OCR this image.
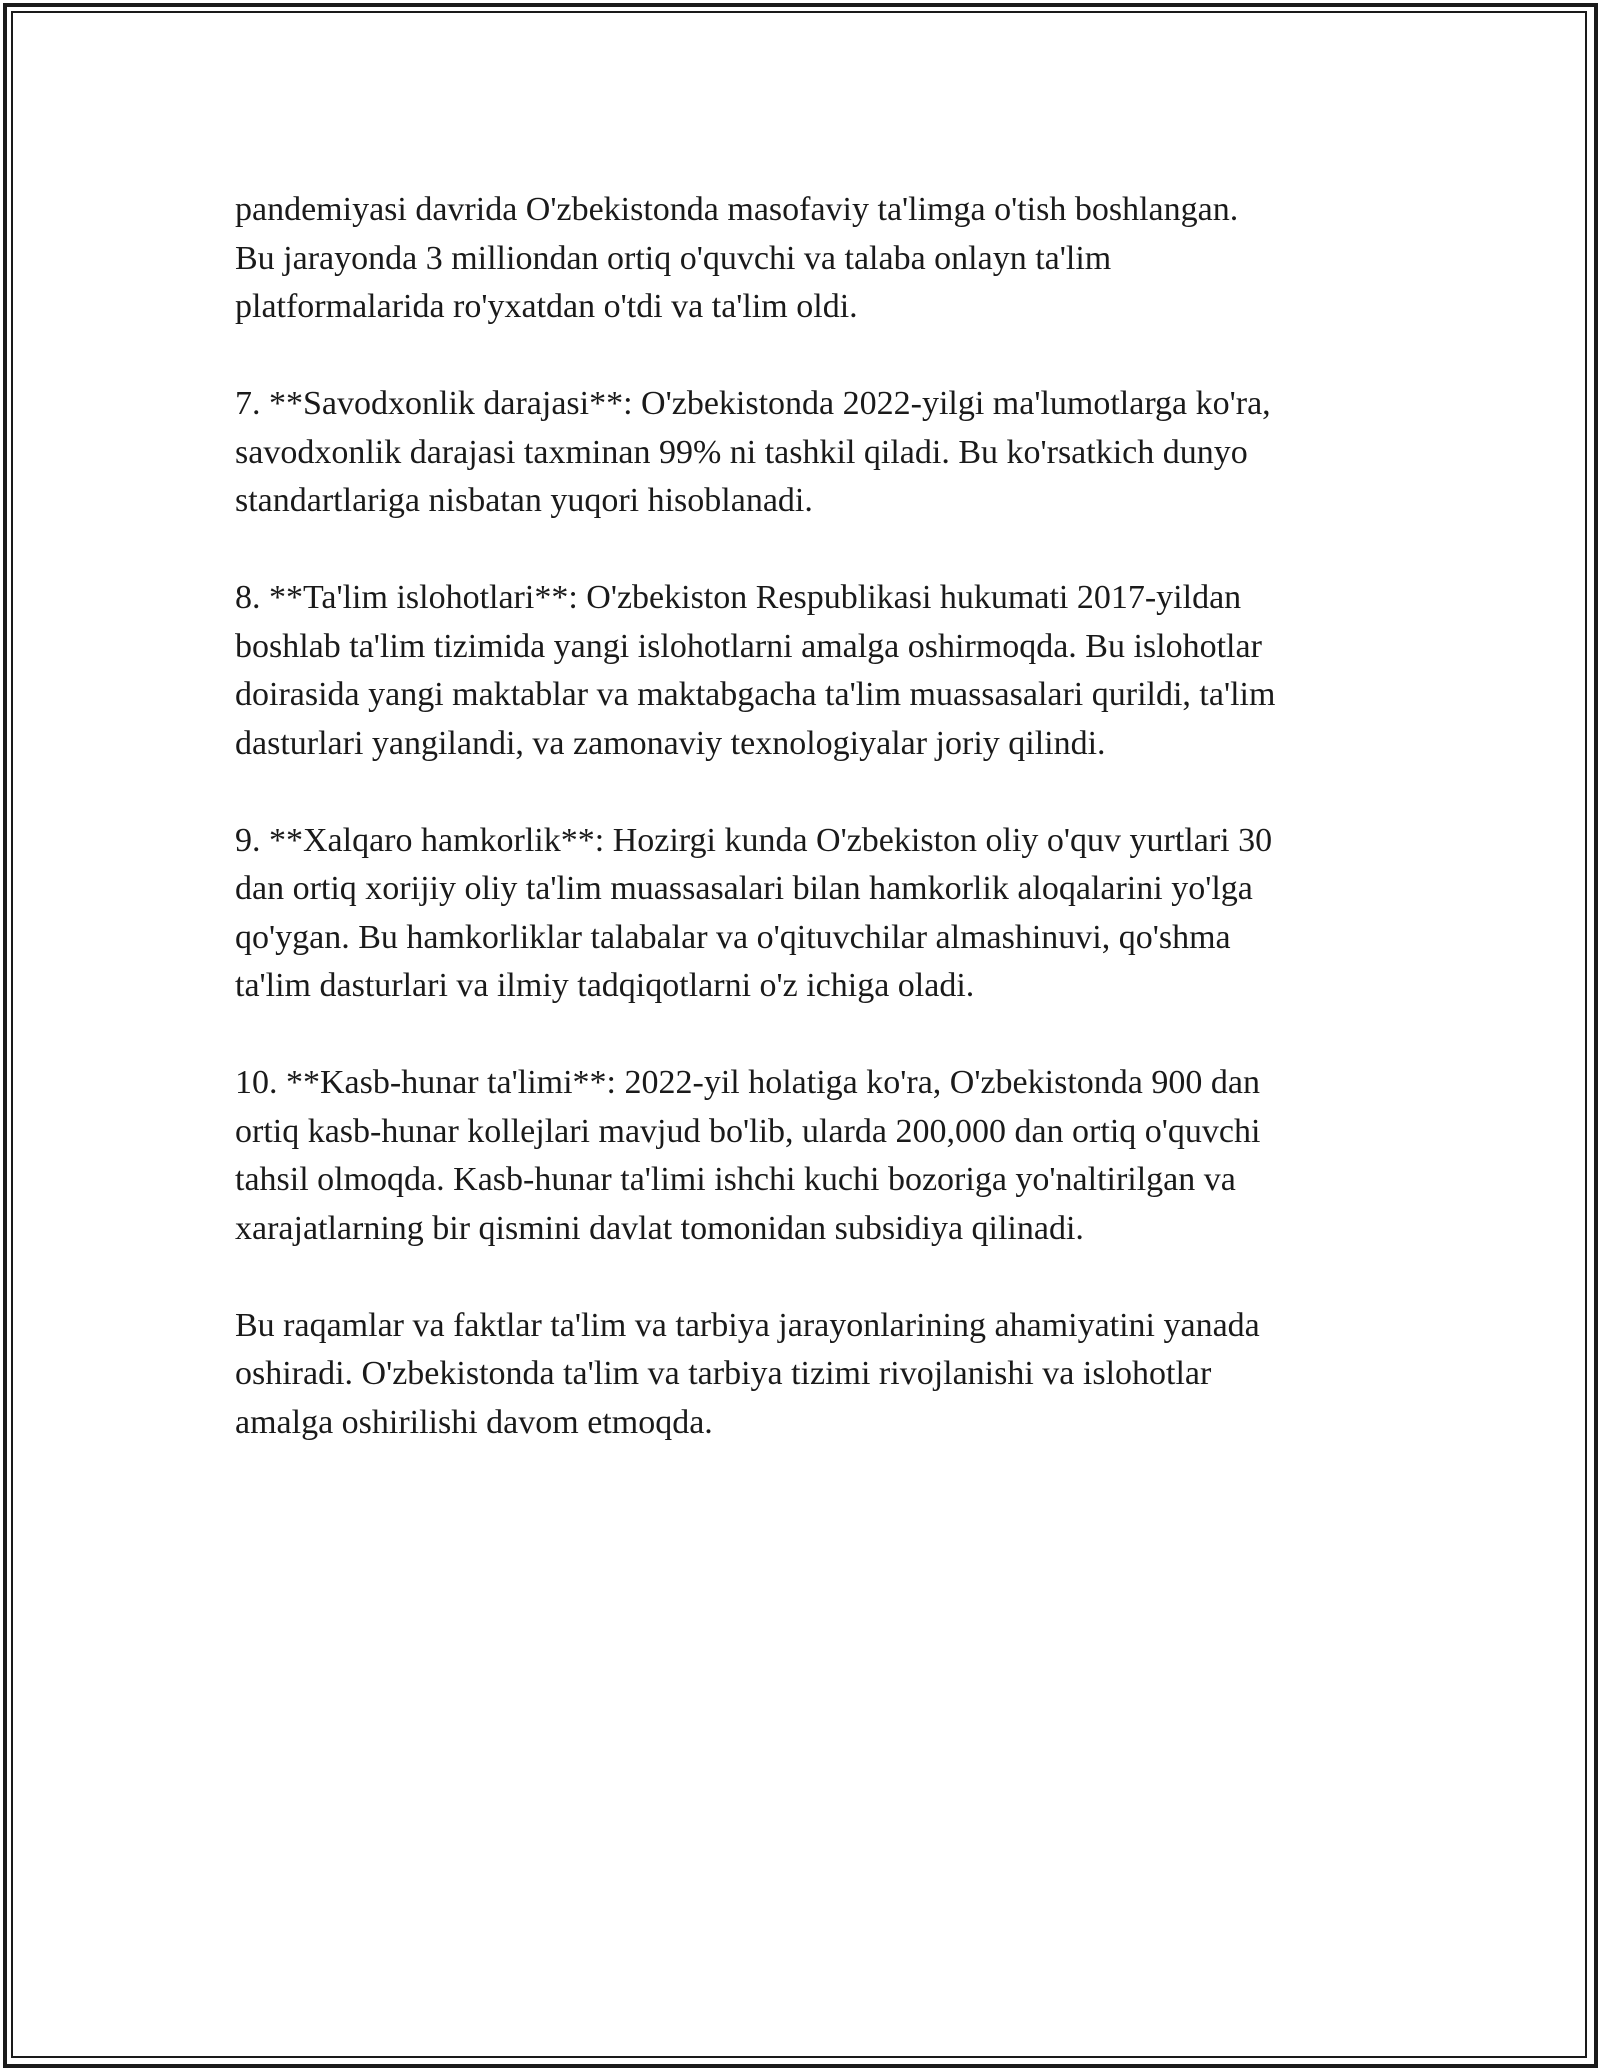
pandemiyasi davrida O'zbekistonda masofaviy ta'limga o'tish boshlangan.
Bu jarayonda 3 milliondan ortiq o'quvchi va talaba onlayn ta'lim
platformalarida ro'yxatdan o'tdi va ta'lim oldi.

7. **Savodxonlik darajasi**: O'zbekistonda 2022-yilgi ma'lumotlarga ko'ra,
savodxonlik darajasi taxminan 99% ni tashkil qiladi. Bu ko'rsatkich dunyo
standartlariga nisbatan yuqori hisoblanadi.

8. **Ta'lim islohotlari**: O'zbekiston Respublikasi hukumati 2017-yildan
boshlab ta'lim tizimida yangi islohotlarni amalga oshirmoqda. Bu islohotlar
doirasida yangi maktablar va maktabgacha ta'lim muassasalari qurildi, ta'lim
dasturlari yangilandi, va zamonaviy texnologiyalar joriy qilindi.

9. **Xalqaro hamkorlik**: Hozirgi kunda O'zbekiston oliy o'quv yurtlari 30
dan ortiq xorijiy oliy ta'lim muassasalari bilan hamkorlik aloqalarini yo'lga
qo'ygan. Bu hamkorliklar talabalar va o'qituvchilar almashinuvi, qo'shma
ta'lim dasturlari va ilmiy tadqiqotlarni o'z ichiga oladi.

10. **Kasb-hunar ta'limi**: 2022-yil holatiga ko'ra, O'zbekistonda 900 dan
ortiq kasb-hunar kollejlari mavjud bo'lib, ularda 200,000 dan ortiq o'quvchi
tahsil olmoqda. Kasb-hunar ta'limi ishchi kuchi bozoriga yo'naltirilgan va
xarajatlarning bir qismini davlat tomonidan subsidiya qilinadi.

Bu raqamlar va faktlar ta'lim va tarbiya jarayonlarining ahamiyatini yanada
oshiradi. O'zbekistonda ta'lim va tarbiya tizimi rivojlanishi va islohotlar
amalga oshirilishi davom etmoqda.
